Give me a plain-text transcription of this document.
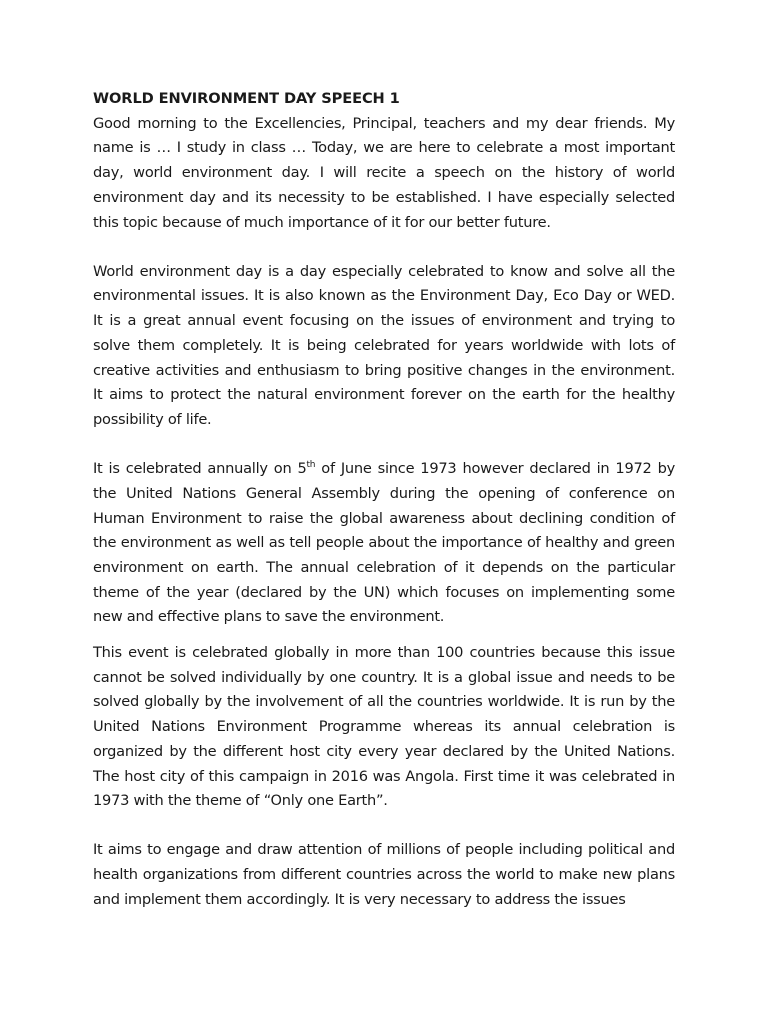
WORLD ENVIRONMENT DAY SPEECH 1

Good morning to the Excellencies, Principal, teachers and my dear friends. My name is … I study in class … Today, we are here to celebrate a most important day, world environment day. I will recite a speech on the history of world environment day and its necessity to be established. I have especially selected this topic because of much importance of it for our better future.

World environment day is a day especially celebrated to know and solve all the environmental issues. It is also known as the Environment Day, Eco Day or WED. It is a great annual event focusing on the issues of environment and trying to solve them completely. It is being celebrated for years worldwide with lots of creative activities and enthusiasm to bring positive changes in the environment. It aims to protect the natural environment forever on the earth for the healthy possibility of life.

It is celebrated annually on 5th of June since 1973 however declared in 1972 by the United Nations General Assembly during the opening of conference on Human Environment to raise the global awareness about declining condition of the environment as well as tell people about the importance of healthy and green environment on earth. The annual celebration of it depends on the particular theme of the year (declared by the UN) which focuses on implementing some new and effective plans to save the environment.

This event is celebrated globally in more than 100 countries because this issue cannot be solved individually by one country. It is a global issue and needs to be solved globally by the involvement of all the countries worldwide. It is run by the United Nations Environment Programme whereas its annual celebration is organized by the different host city every year declared by the United Nations. The host city of this campaign in 2016 was Angola. First time it was celebrated in 1973 with the theme of “Only one Earth”.

It aims to engage and draw attention of millions of people including political and health organizations from different countries across the world to make new plans and implement them accordingly. It is very necessary to address the issues
